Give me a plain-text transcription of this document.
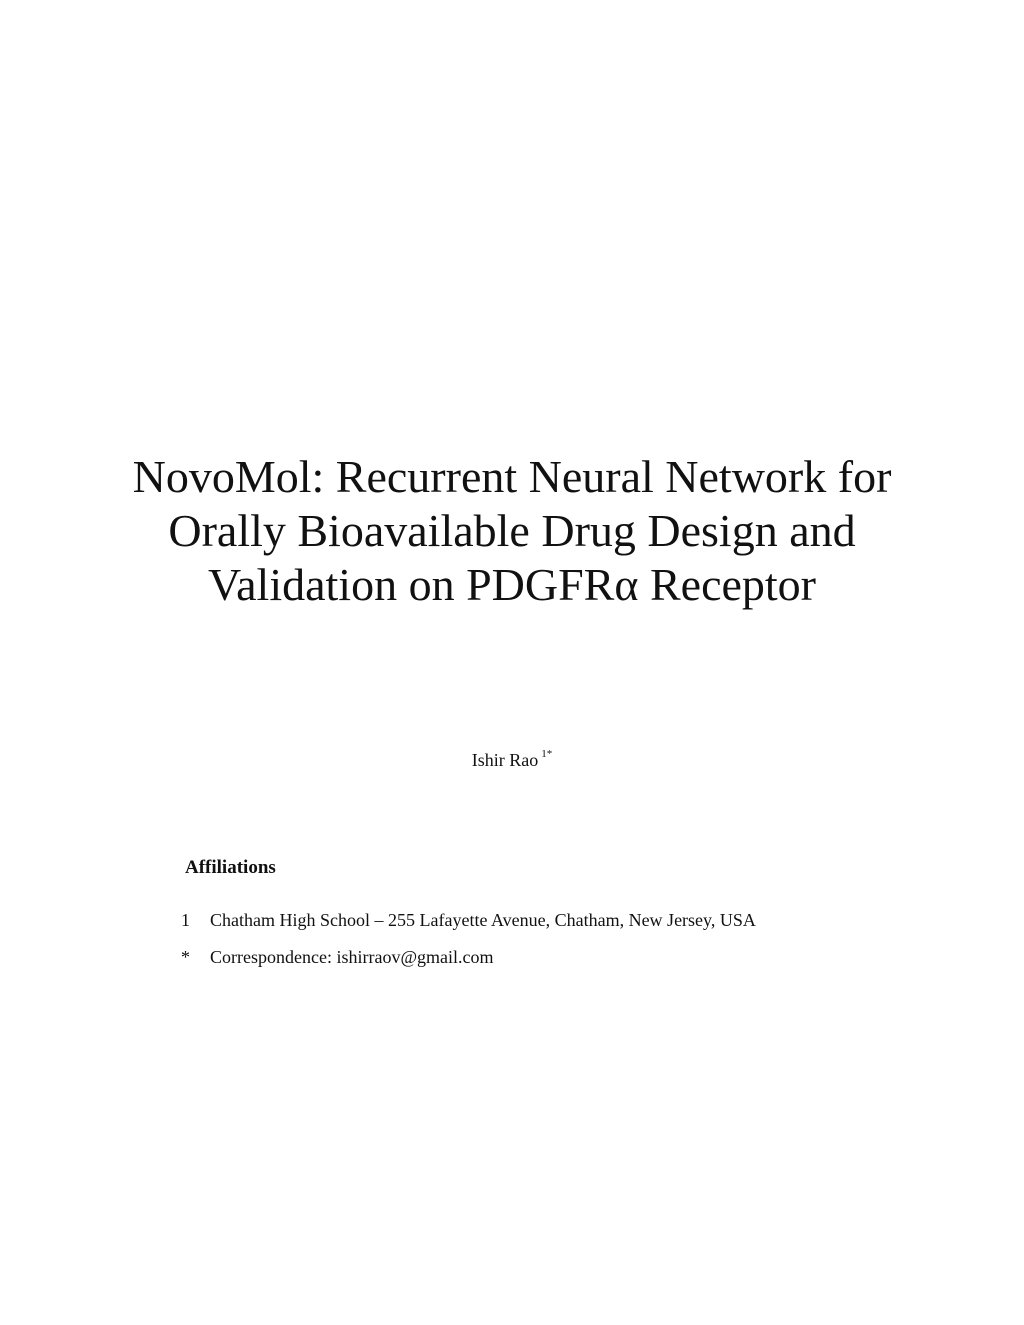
NovoMol: Recurrent Neural Network for
Orally Bioavailable Drug Design and
Validation on PDGFRα Receptor
Ishir Rao $^{1*}$
Affiliations
1 Chatham High School – 255 Lafayette Avenue, Chatham, New Jersey, USA
* Correspondence: ishirraov@gmail.com
